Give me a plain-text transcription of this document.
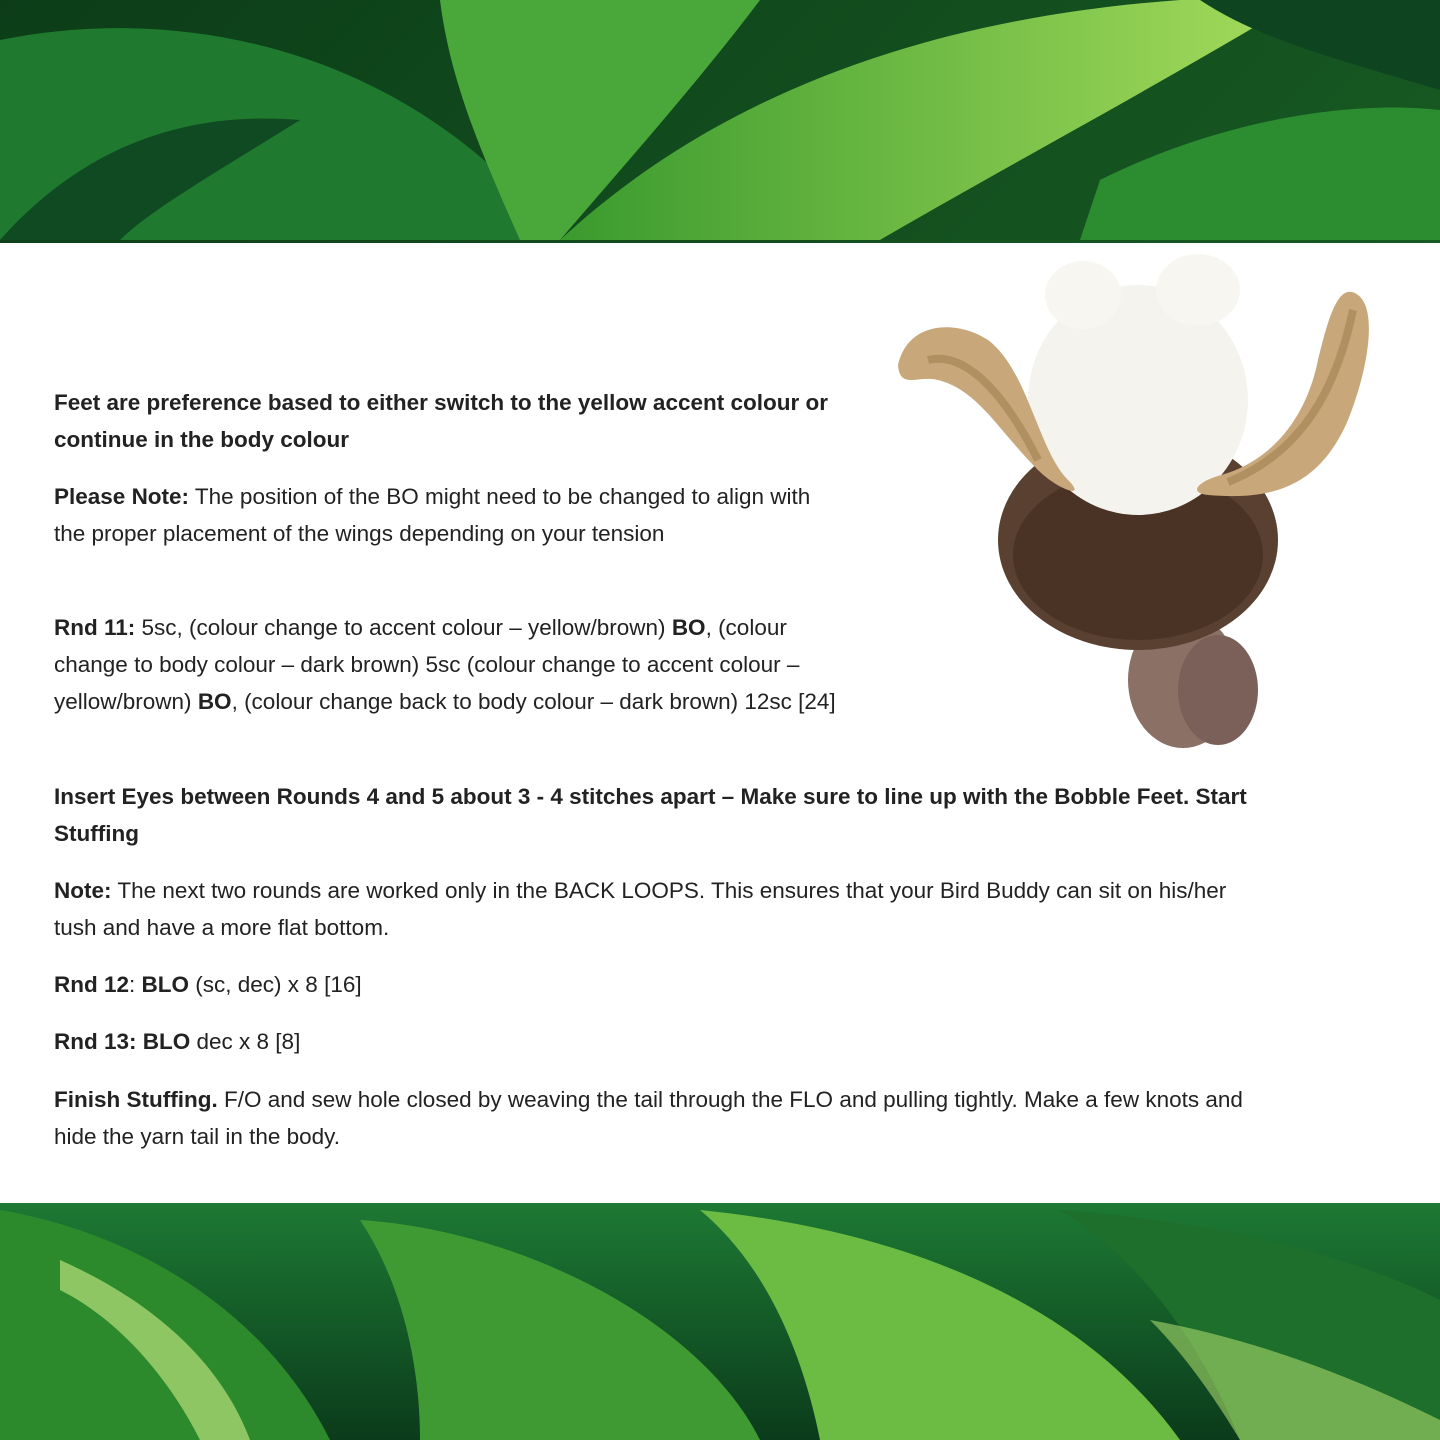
Feet are preference based to either switch to the yellow accent colour or continue in the body colour

Please Note: The position of the BO might need to be changed to align with the proper placement of the wings depending on your tension

Rnd 11: 5sc, (colour change to accent colour – yellow/brown) BO, (colour change to body colour – dark brown) 5sc (colour change to accent colour – yellow/brown) BO, (colour change back to body colour – dark brown) 12sc [24]

Insert Eyes between Rounds 4 and 5 about 3 - 4 stitches apart – Make sure to line up with the Bobble Feet. Start Stuffing

Note: The next two rounds are worked only in the BACK LOOPS. This ensures that your Bird Buddy can sit on his/her tush and have a more flat bottom.

Rnd 12: BLO (sc, dec) x 8 [16]

Rnd 13: BLO dec x 8 [8]

Finish Stuffing. F/O and sew hole closed by weaving the tail through the FLO and pulling tightly. Make a few knots and hide the yarn tail in the body.
